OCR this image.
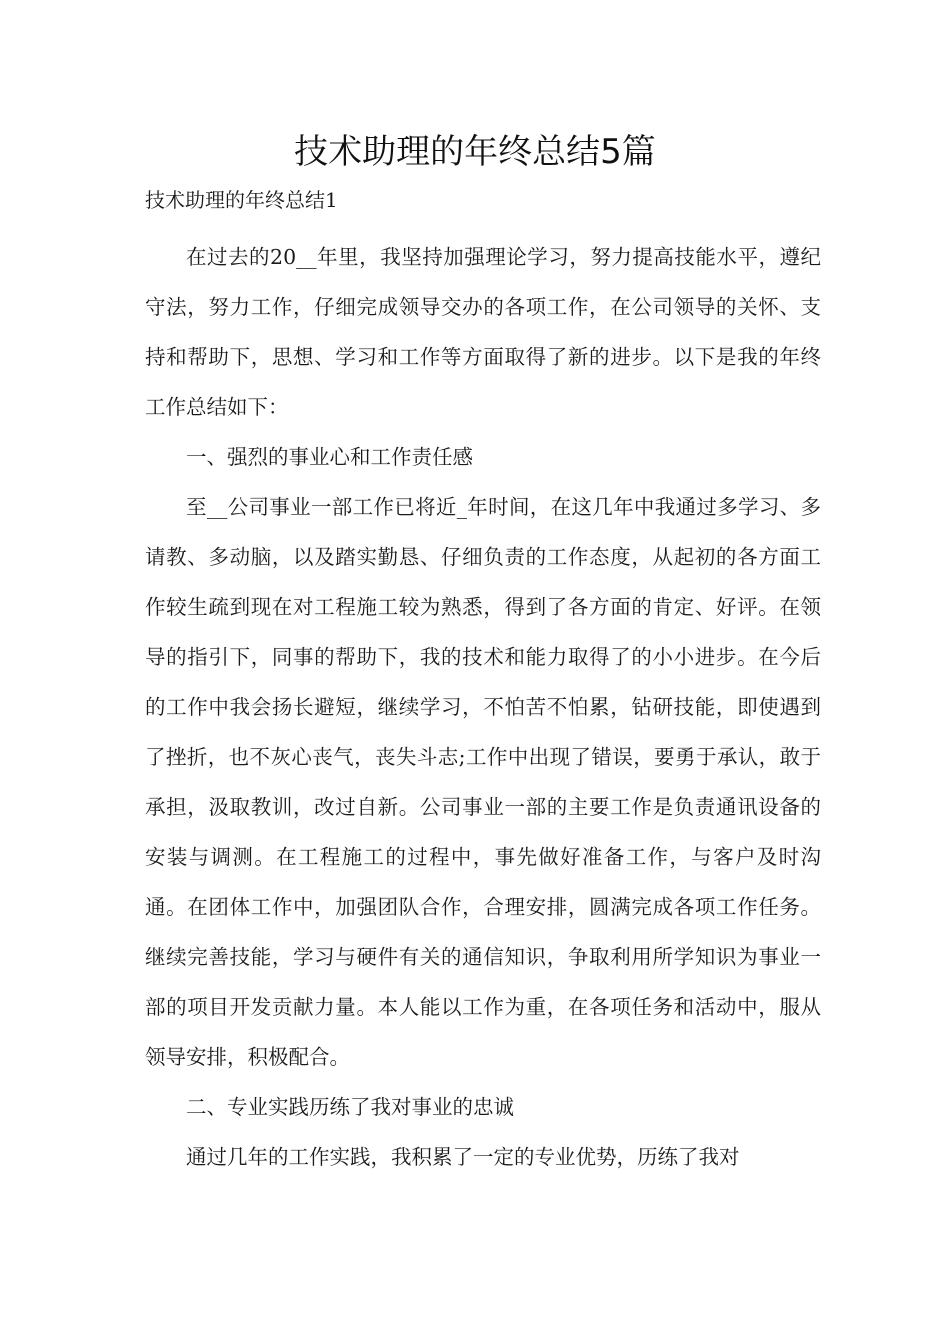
技术助理的年终总结5篇

技术助理的年终总结1

在过去的20__年里，我坚持加强理论学习，努力提高技能水平，遵纪守法，努力工作，仔细完成领导交办的各项工作，在公司领导的关怀、支持和帮助下，思想、学习和工作等方面取得了新的进步。以下是我的年终工作总结如下：

一、强烈的事业心和工作责任感

至__公司事业一部工作已将近_年时间，在这几年中我通过多学习、多请教、多动脑，以及踏实勤恳、仔细负责的工作态度，从起初的各方面工作较生疏到现在对工程施工较为熟悉，得到了各方面的肯定、好评。在领导的指引下，同事的帮助下，我的技术和能力取得了的小小进步。在今后的工作中我会扬长避短，继续学习，不怕苦不怕累，钻研技能，即使遇到了挫折，也不灰心丧气，丧失斗志;工作中出现了错误，要勇于承认，敢于承担，汲取教训，改过自新。公司事业一部的主要工作是负责通讯设备的安装与调测。在工程施工的过程中，事先做好准备工作，与客户及时沟通。在团体工作中，加强团队合作，合理安排，圆满完成各项工作任务。继续完善技能，学习与硬件有关的通信知识，争取利用所学知识为事业一部的项目开发贡献力量。本人能以工作为重，在各项任务和活动中，服从领导安排，积极配合。

二、专业实践历练了我对事业的忠诚

通过几年的工作实践，我积累了一定的专业优势，历练了我对
